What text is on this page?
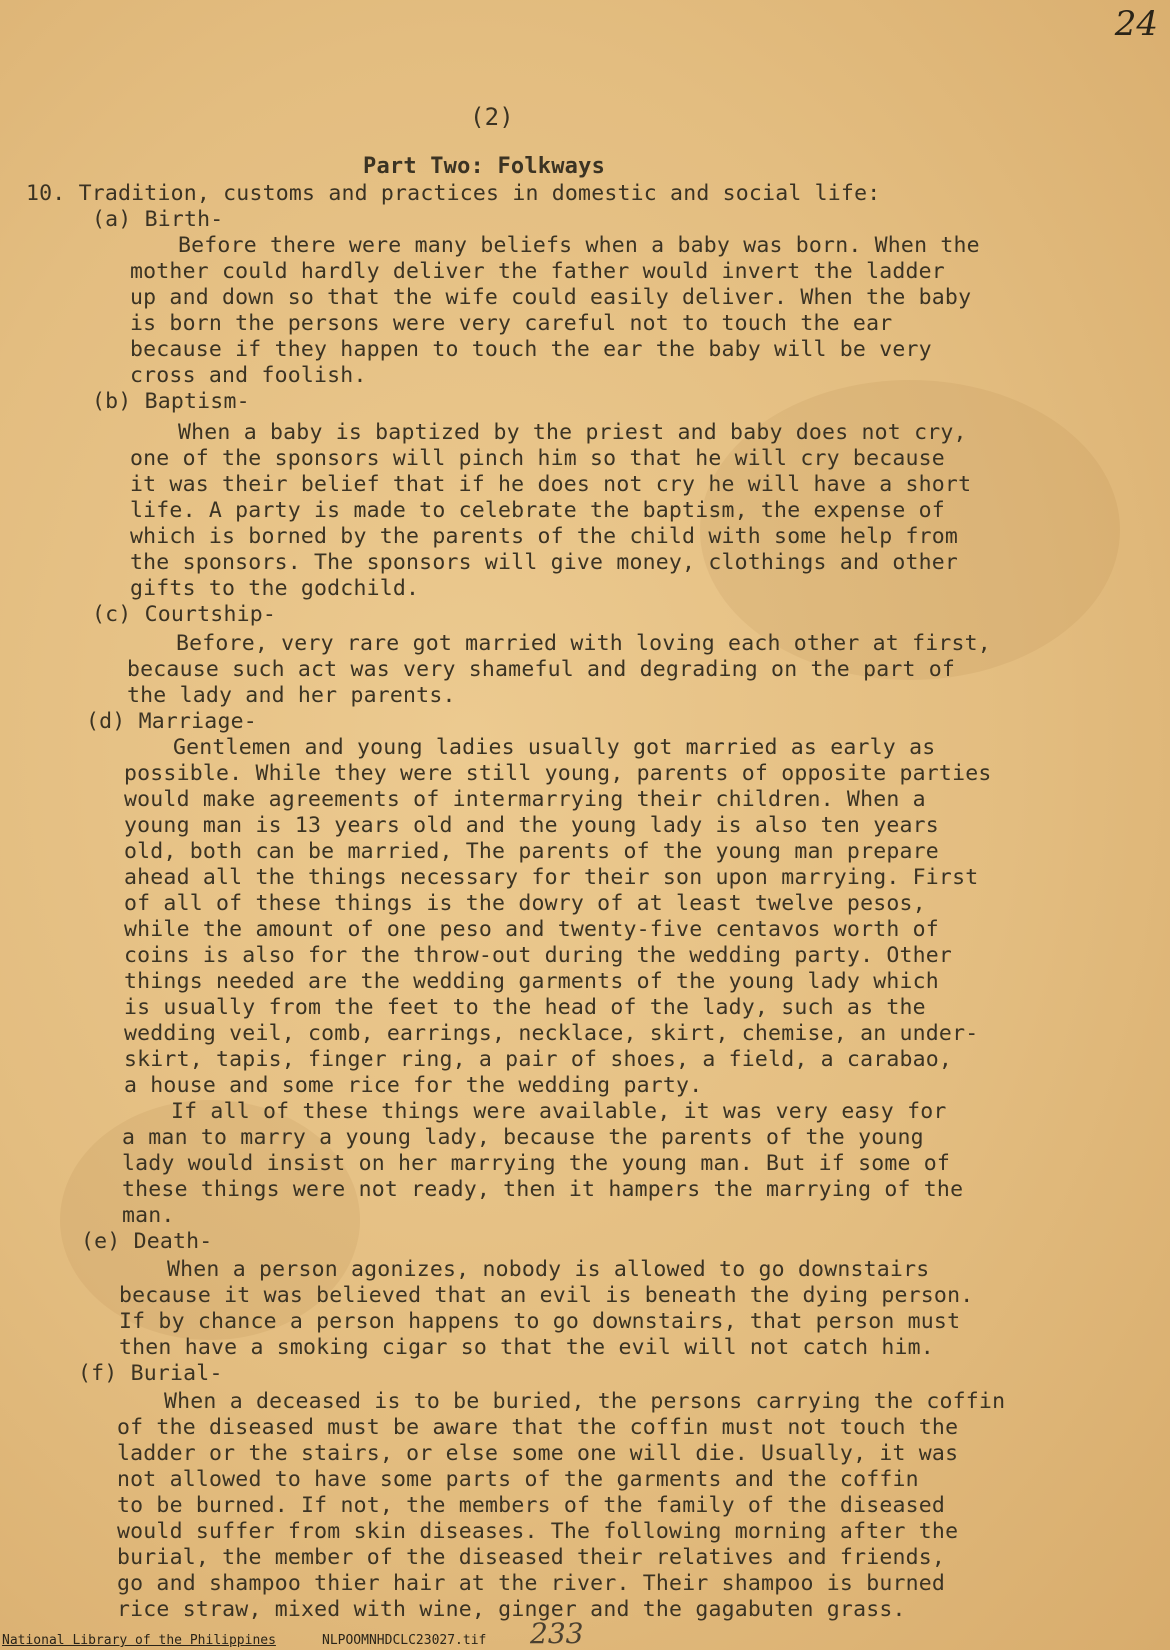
24
(2)
Part Two: Folkways
10. Tradition, customs and practices in domestic and social life:
(a) Birth-
Before there were many beliefs when a baby was born. When the
mother could hardly deliver the father would invert the ladder
up and down so that the wife could easily deliver. When the baby
is born the persons were very careful not to touch the ear
because if they happen to touch the ear the baby will be very
cross and foolish.
(b) Baptism-
When a baby is baptized by the priest and baby does not cry,
one of the sponsors will pinch him so that he will cry because
it was their belief that if he does not cry he will have a short
life. A party is made to celebrate the baptism, the expense of
which is borned by the parents of the child with some help from
the sponsors. The sponsors will give money, clothings and other
gifts to the godchild.
(c) Courtship-
Before, very rare got married with loving each other at first,
because such act was very shameful and degrading on the part of
the lady and her parents.
(d) Marriage-
Gentlemen and young ladies usually got married as early as
possible. While they were still young, parents of opposite parties
would make agreements of intermarrying their children. When a
young man is 13 years old and the young lady is also ten years
old, both can be married, The parents of the young man prepare
ahead all the things necessary for their son upon marrying. First
of all of these things is the dowry of at least twelve pesos,
while the amount of one peso and twenty-five centavos worth of
coins is also for the throw-out during the wedding party. Other
things needed are the wedding garments of the young lady which
is usually from the feet to the head of the lady, such as the
wedding veil, comb, earrings, necklace, skirt, chemise, an under-
skirt, tapis, finger ring, a pair of shoes, a field, a carabao,
a house and some rice for the wedding party.
If all of these things were available, it was very easy for
a man to marry a young lady, because the parents of the young
lady would insist on her marrying the young man. But if some of
these things were not ready, then it hampers the marrying of the
man.
(e) Death-
When a person agonizes, nobody is allowed to go downstairs
because it was believed that an evil is beneath the dying person.
If by chance a person happens to go downstairs, that person must
then have a smoking cigar so that the evil will not catch him.
(f) Burial-
When a deceased is to be buried, the persons carrying the coffin
of the diseased must be aware that the coffin must not touch the
ladder or the stairs, or else some one will die. Usually, it was
not allowed to have some parts of the garments and the coffin
to be burned. If not, the members of the family of the diseased
would suffer from skin diseases. The following morning after the
burial, the member of the diseased their relatives and friends,
go and shampoo thier hair at the river. Their shampoo is burned
rice straw, mixed with wine, ginger and the gagabuten grass.
National Library of the Philippines	NLPOOMNHDCLC23027.tif 233
